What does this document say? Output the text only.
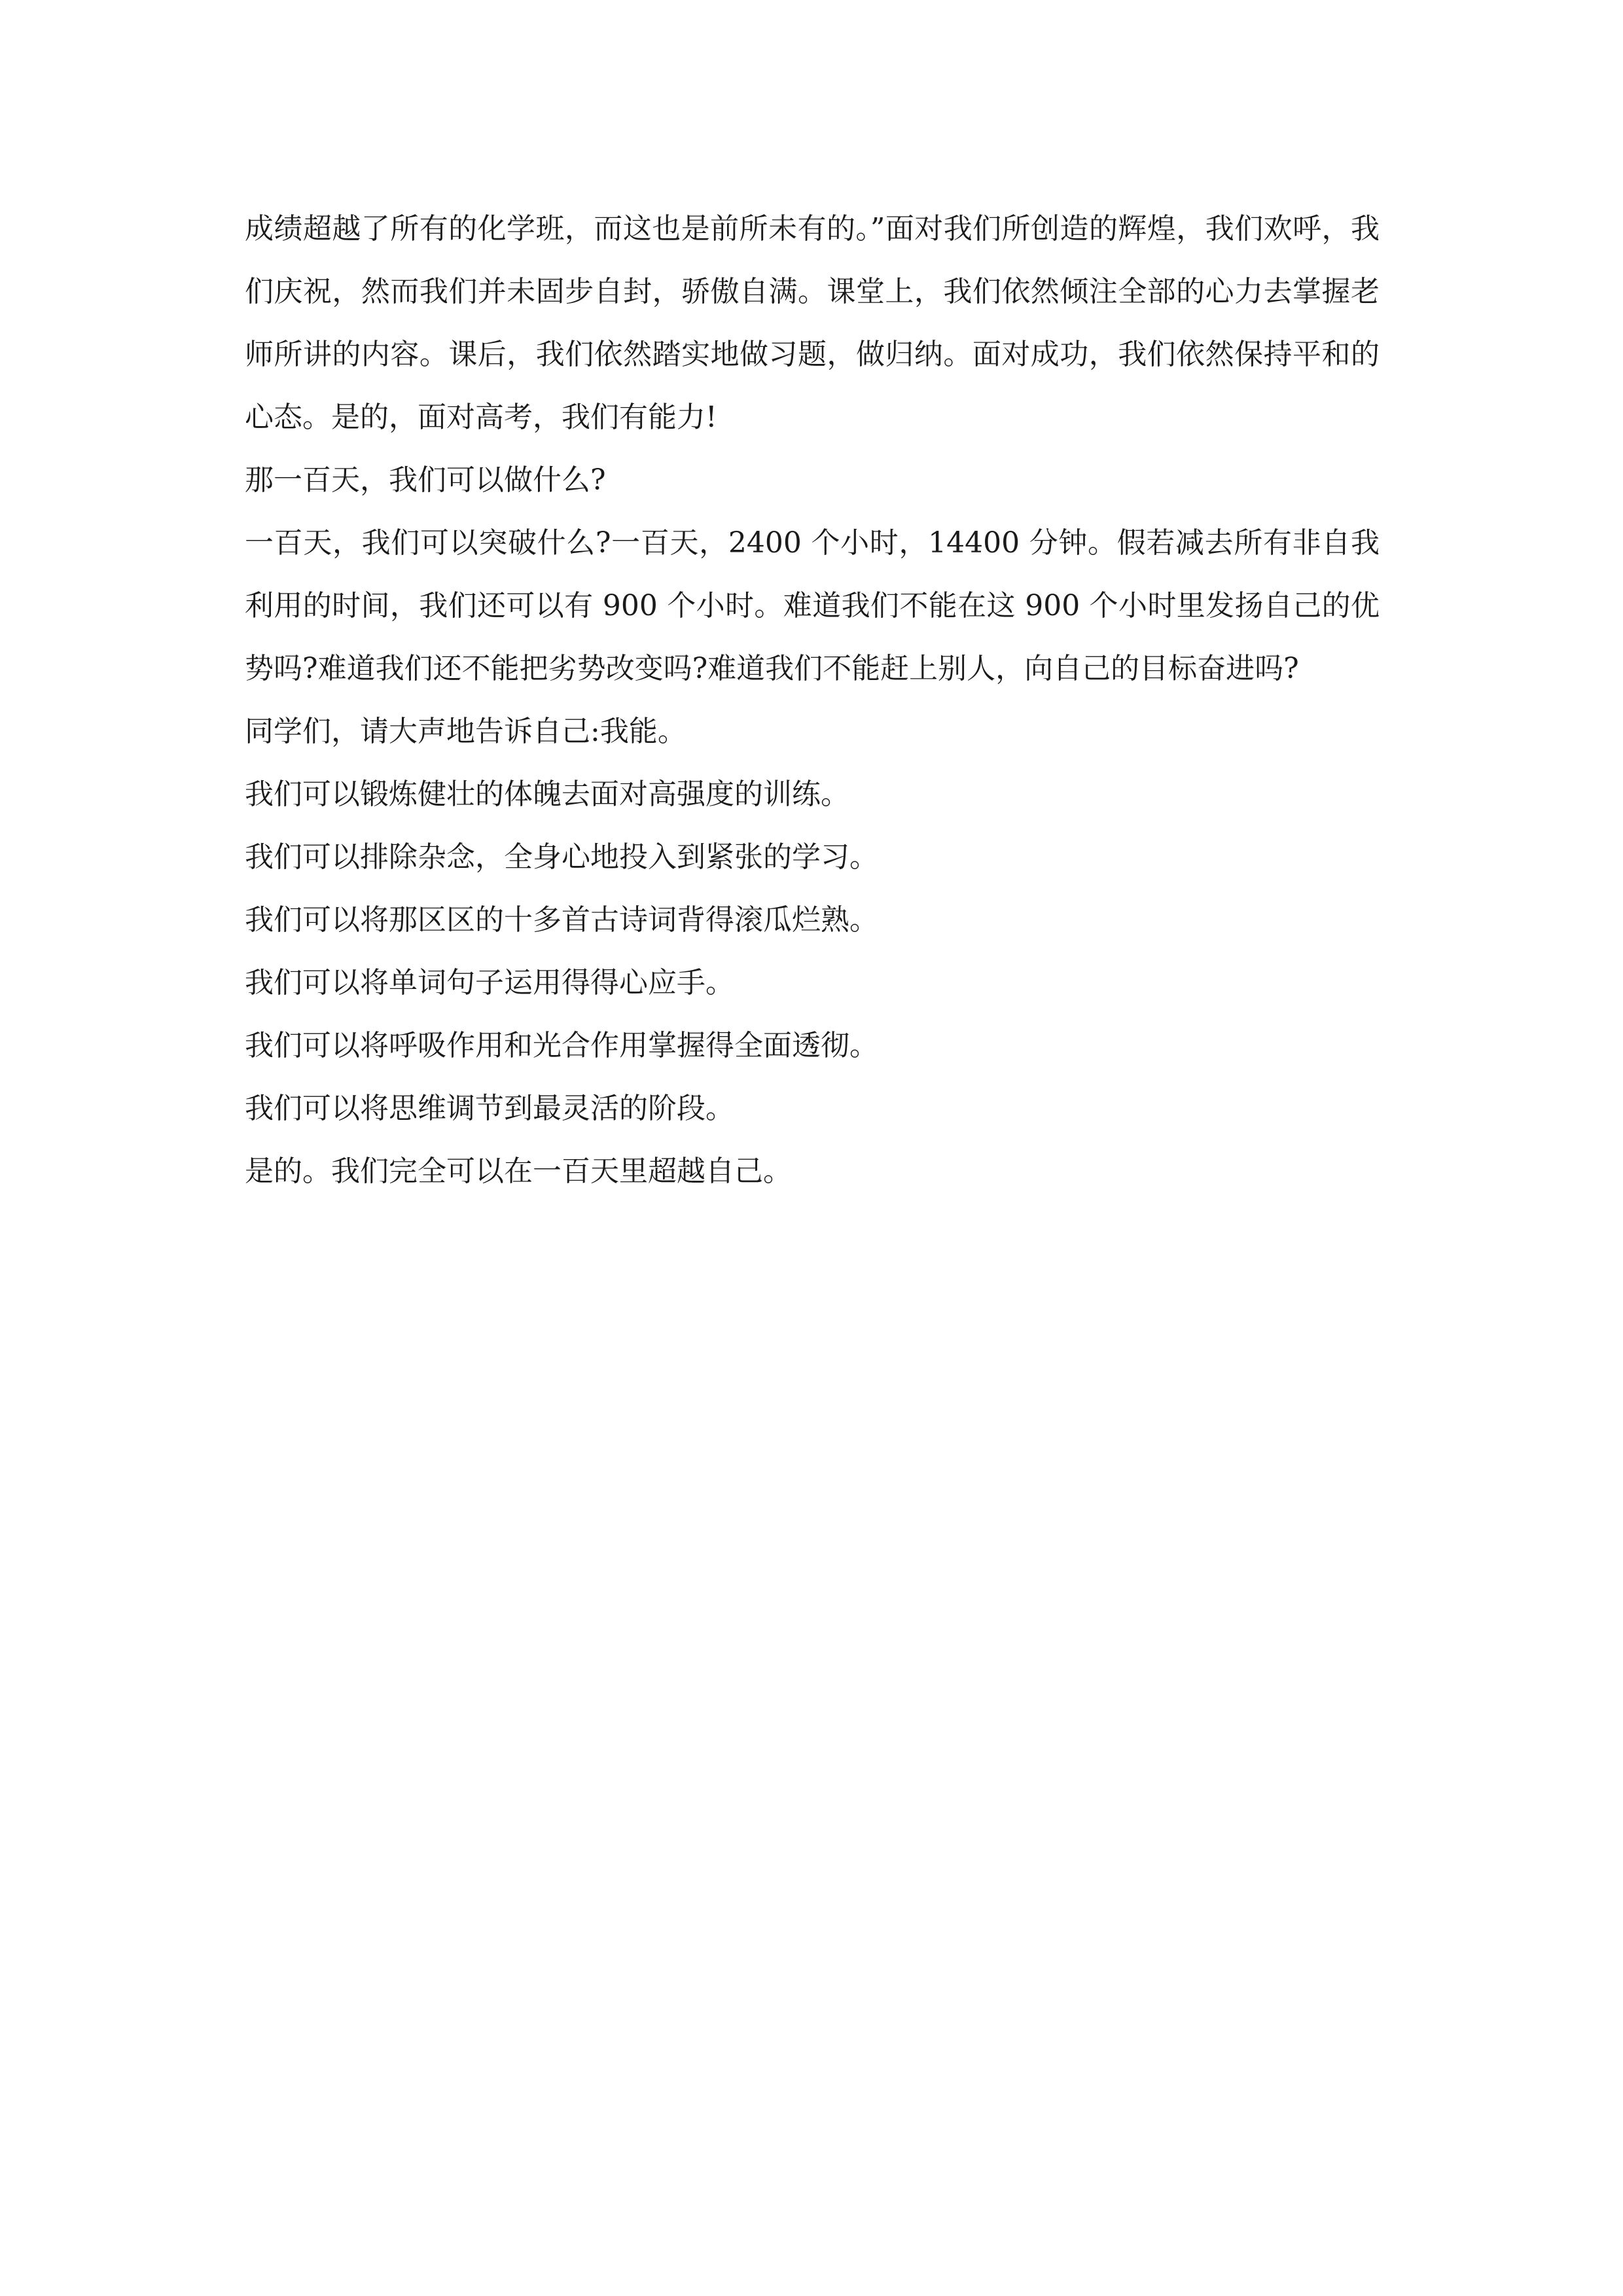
成绩超越了所有的化学班，而这也是前所未有的。”面对我们所创造的辉煌，我们欢呼，我们庆祝，然而我们并未固步自封，骄傲自满。课堂上，我们依然倾注全部的心力去掌握老师所讲的内容。课后，我们依然踏实地做习题，做归纳。面对成功，我们依然保持平和的心态。是的，面对高考，我们有能力!

那一百天，我们可以做什么?

一百天，我们可以突破什么?一百天，2400 个小时，14400 分钟。假若减去所有非自我利用的时间，我们还可以有 900 个小时。难道我们不能在这 900 个小时里发扬自己的优势吗?难道我们还不能把劣势改变吗?难道我们不能赶上别人，向自己的目标奋进吗?

同学们，请大声地告诉自己:我能。

我们可以锻炼健壮的体魄去面对高强度的训练。

我们可以排除杂念，全身心地投入到紧张的学习。

我们可以将那区区的十多首古诗词背得滚瓜烂熟。

我们可以将单词句子运用得得心应手。

我们可以将呼吸作用和光合作用掌握得全面透彻。

我们可以将思维调节到最灵活的阶段。

是的。我们完全可以在一百天里超越自己。
